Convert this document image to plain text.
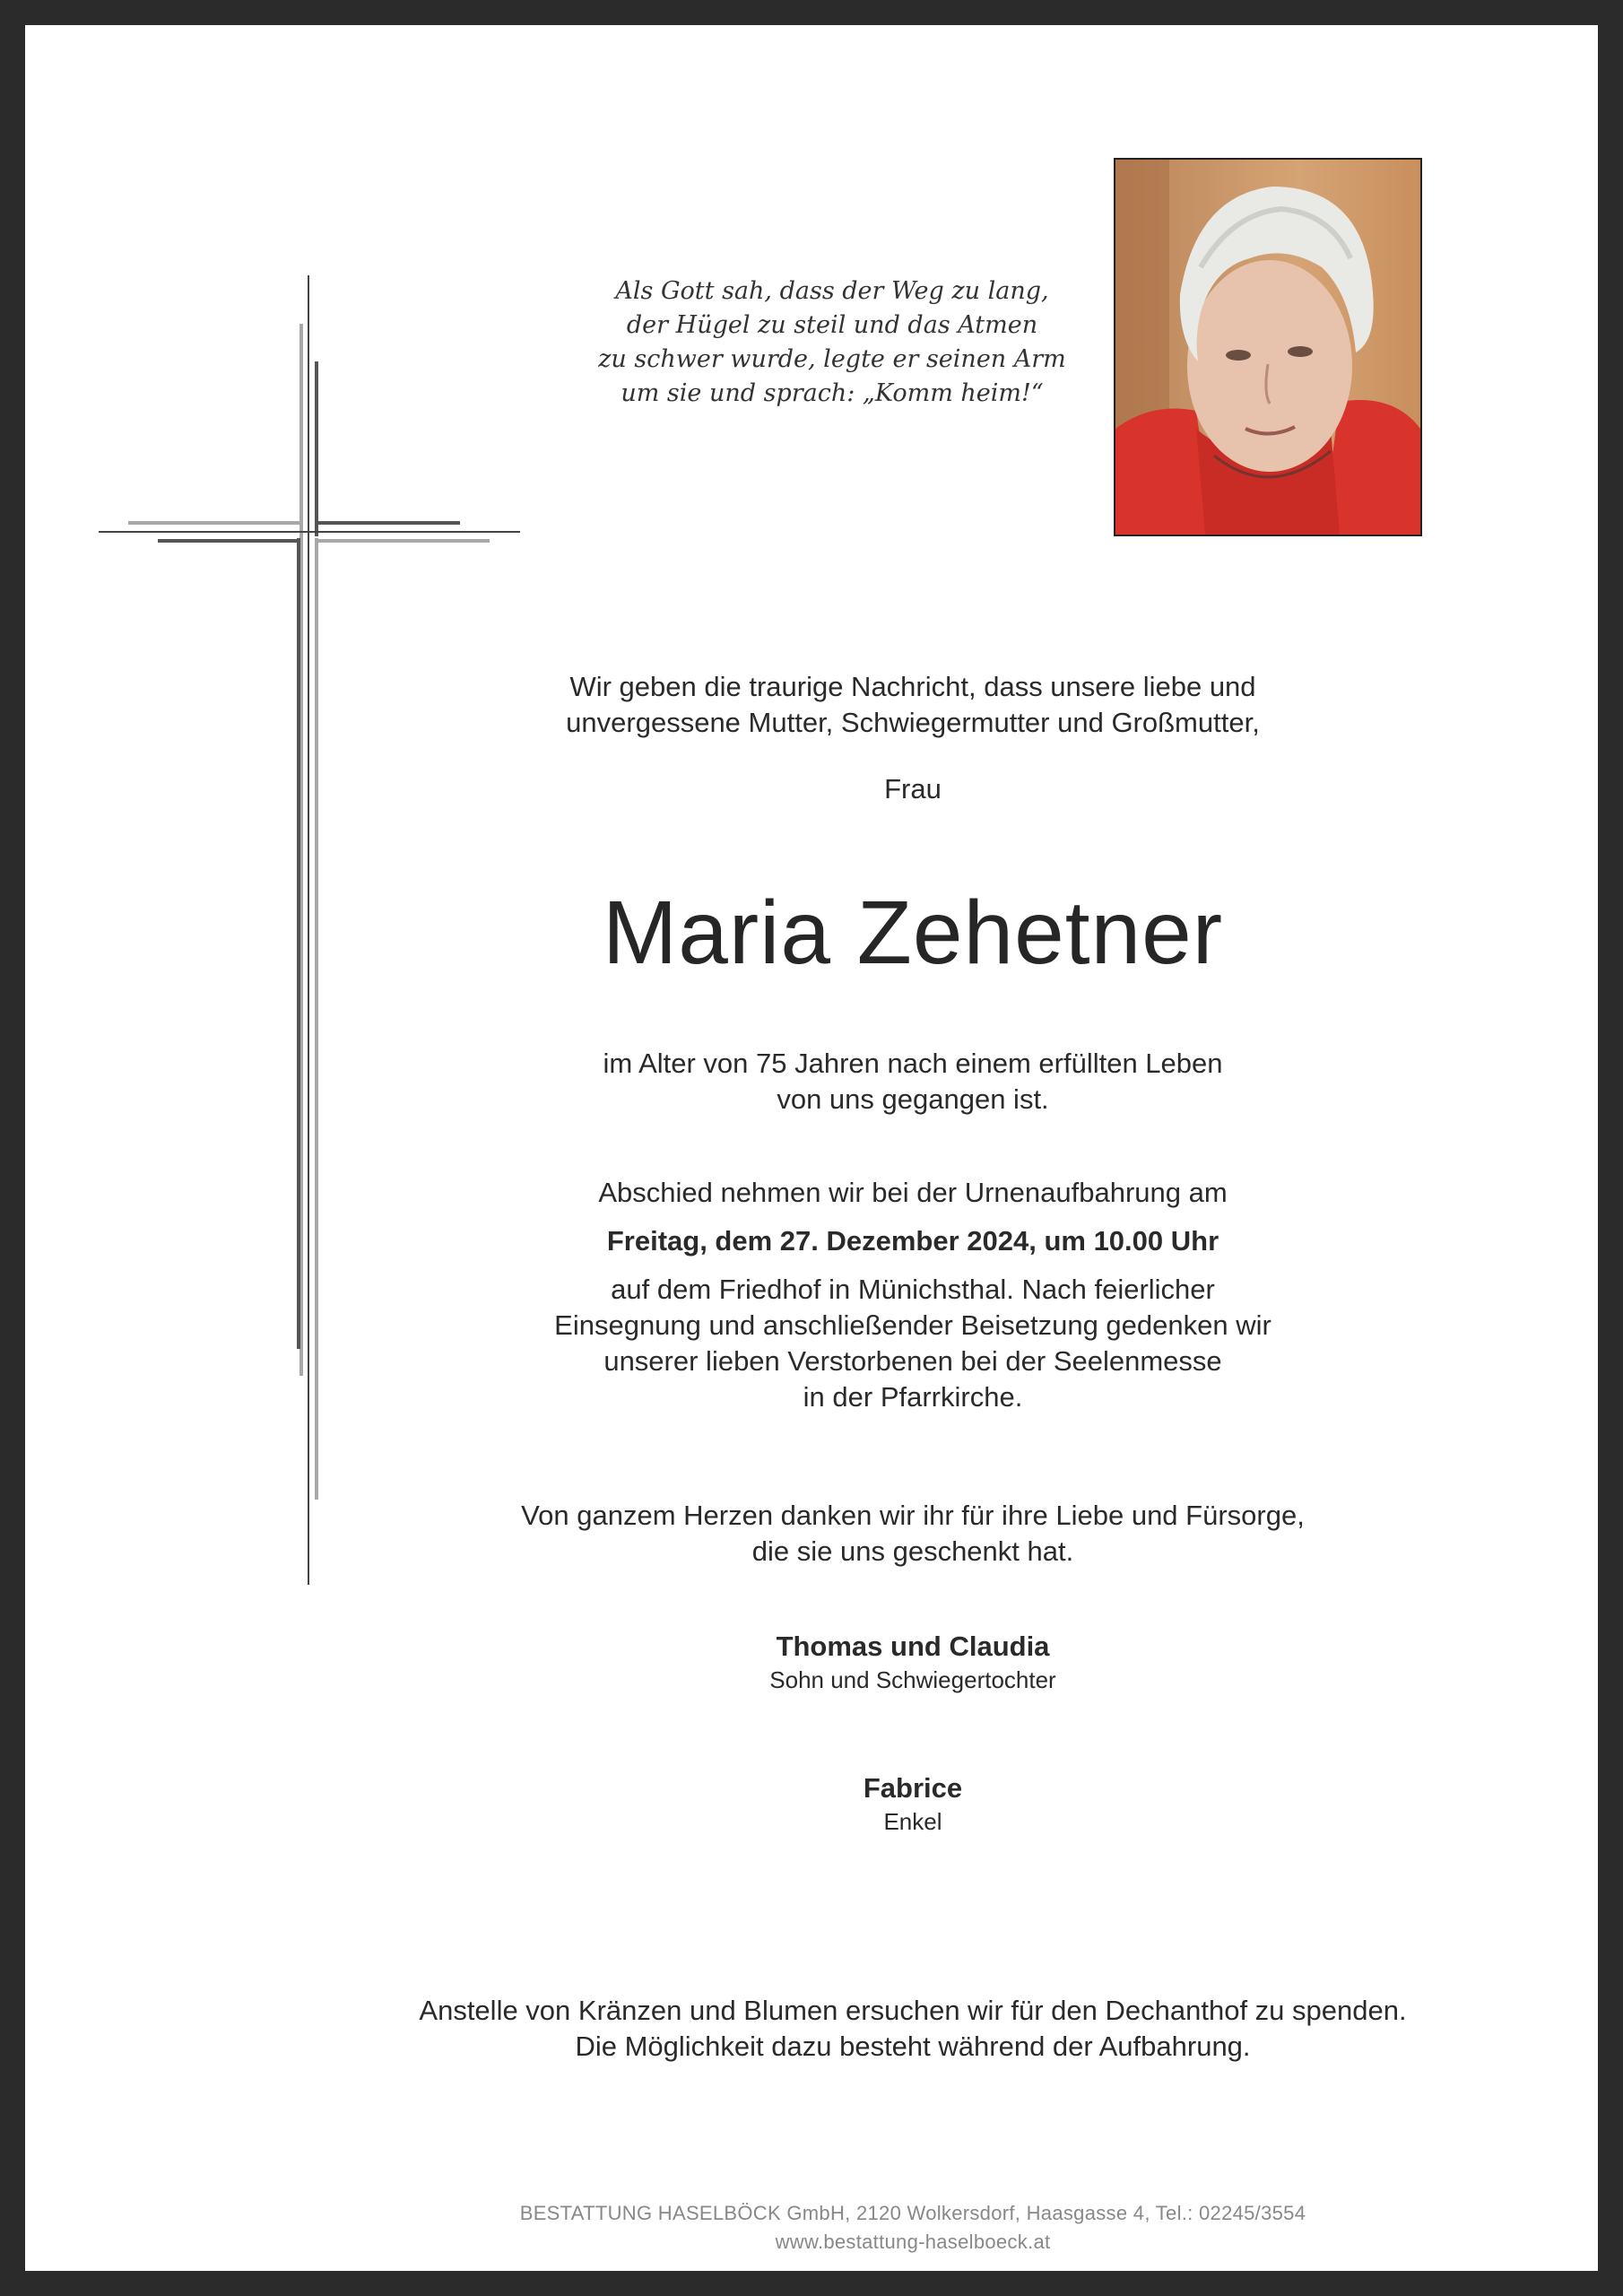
Als Gott sah, dass der Weg zu lang,
der Hügel zu steil und das Atmen
zu schwer wurde, legte er seinen Arm
um sie und sprach: „Komm heim!“
Wir geben die traurige Nachricht, dass unsere liebe und
unvergessene Mutter, Schwiegermutter und Großmutter,
Frau
Maria Zehetner
im Alter von 75 Jahren nach einem erfüllten Leben
von uns gegangen ist.
Abschied nehmen wir bei der Urnenaufbahrung am
Freitag, dem 27. Dezember 2024, um 10.00 Uhr
auf dem Friedhof in Münichsthal. Nach feierlicher
Einsegnung und anschließender Beisetzung gedenken wir
unserer lieben Verstorbenen bei der Seelenmesse
in der Pfarrkirche.
Von ganzem Herzen danken wir ihr für ihre Liebe und Fürsorge,
die sie uns geschenkt hat.
Thomas und Claudia
Sohn und Schwiegertochter
Fabrice
Enkel
Anstelle von Kränzen und Blumen ersuchen wir für den Dechanthof zu spenden.
Die Möglichkeit dazu besteht während der Aufbahrung.
BESTATTUNG HASELBÖCK GmbH, 2120 Wolkersdorf, Haasgasse 4, Tel.: 02245/3554
www.bestattung-haselboeck.at
